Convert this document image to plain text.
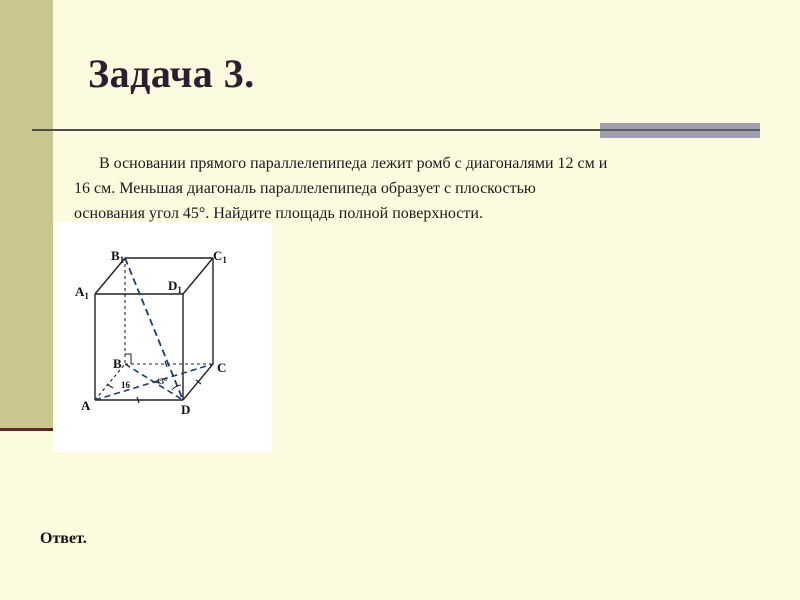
Задача 3.

В основании прямого параллелепипеда лежит ромб с диагоналями 12 см и
16 см. Меньшая диагональ параллелепипеда образует с плоскостью
основания угол 45°. Найдите площадь полной поверхности.

$B_1$	$C_1$
$A_1$
$D_1$
B	C
A	D
16	45°

Ответ.
